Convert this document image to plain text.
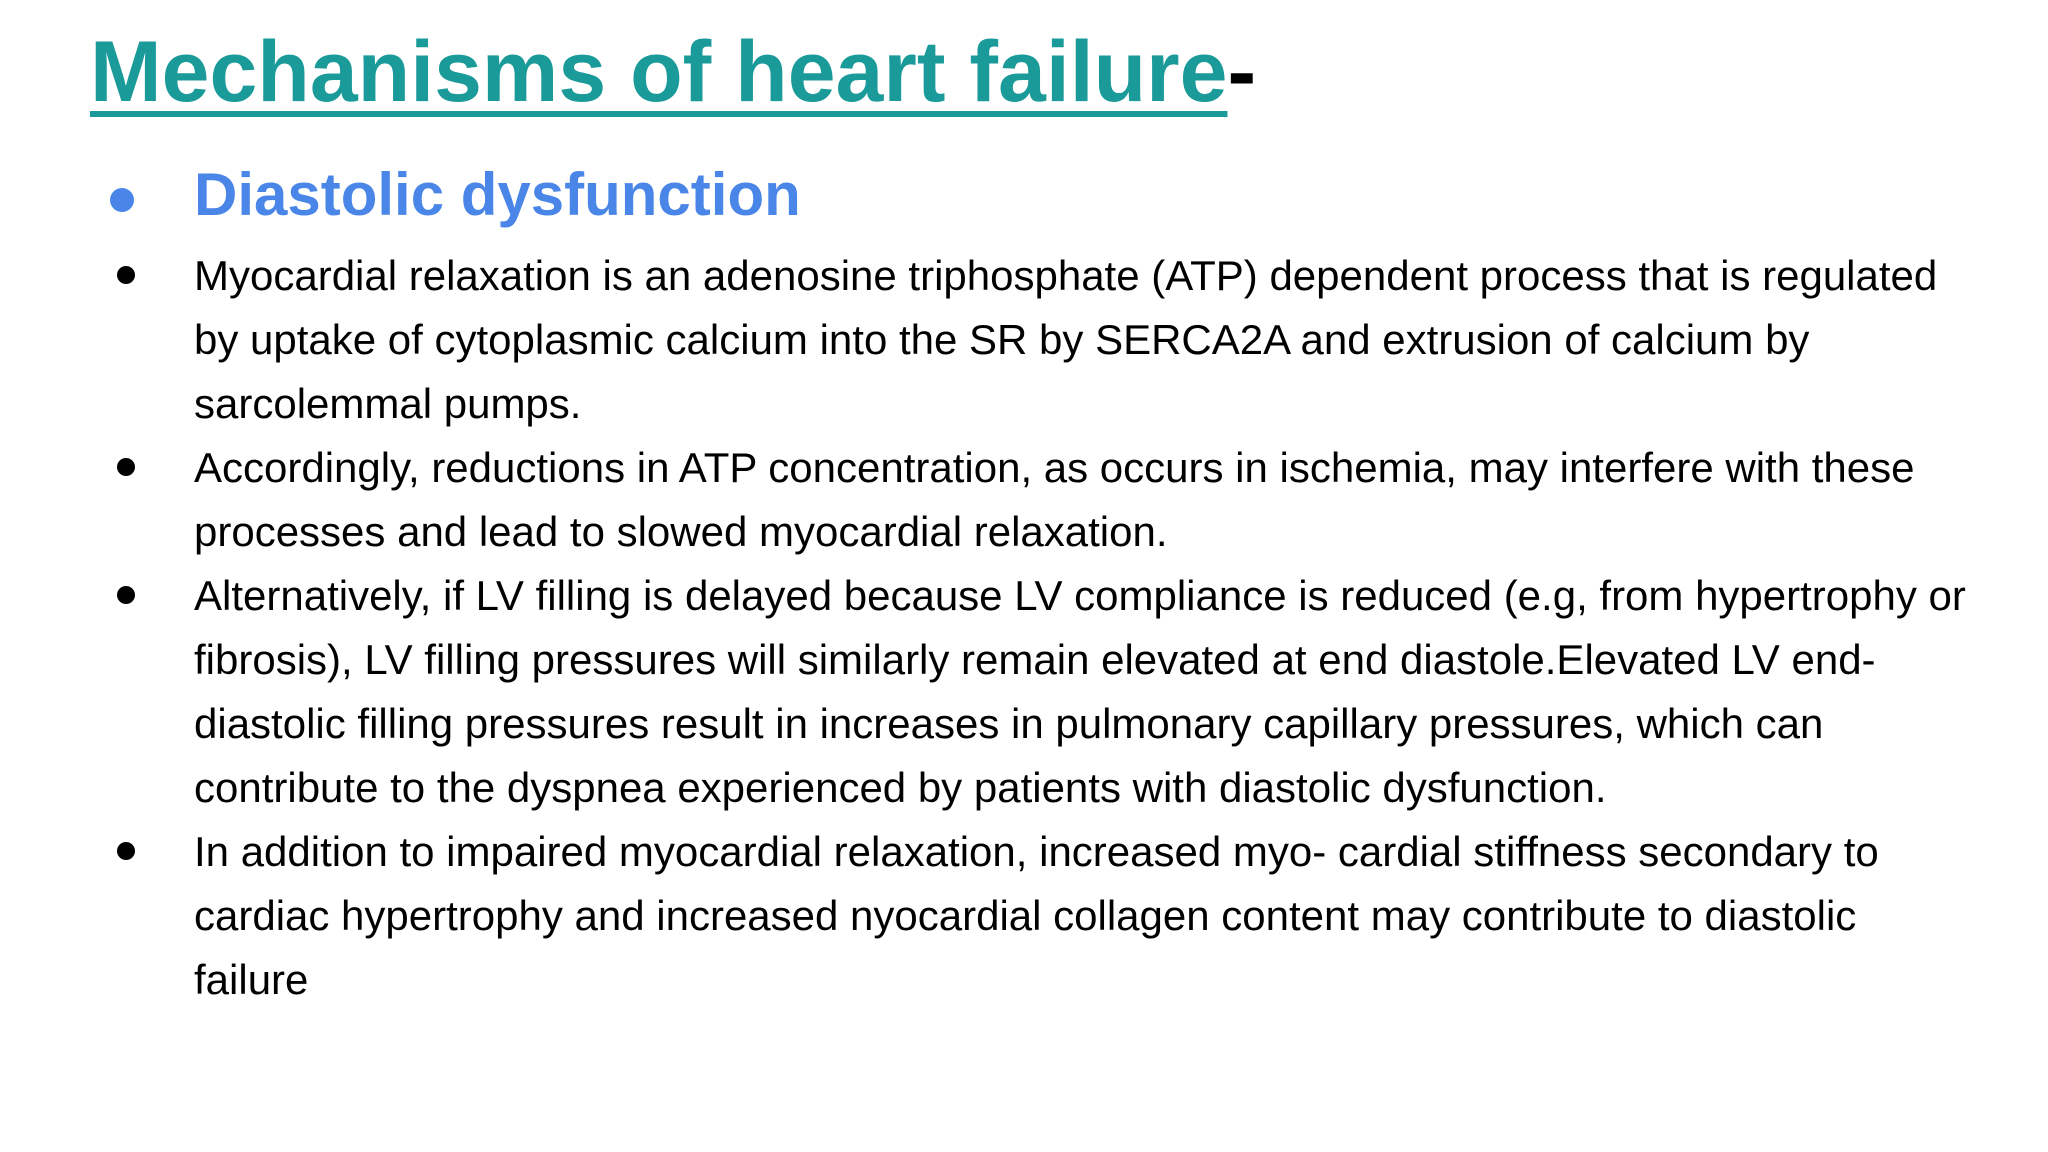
Mechanisms of heart failure-
Diastolic dysfunction
Myocardial relaxation is an adenosine triphosphate (ATP) dependent process that is regulated by uptake of cytoplasmic calcium into the SR by SERCA2A and extrusion of calcium by sarcolemmal pumps.
Accordingly, reductions in ATP concentration, as occurs in ischemia, may interfere with these processes and lead to slowed myocardial relaxation.
Alternatively, if LV filling is delayed because LV compliance is reduced (e.g, from hypertrophy or fibrosis), LV filling pressures will similarly remain elevated at end diastole.Elevated LV end-diastolic filling pressures result in increases in pulmonary capillary pressures, which can contribute to the dyspnea experienced by patients with diastolic dysfunction.
In addition to impaired myocardial relaxation, increased myo- cardial stiffness secondary to cardiac hypertrophy and increased nyocardial collagen content may contribute to diastolic failure
